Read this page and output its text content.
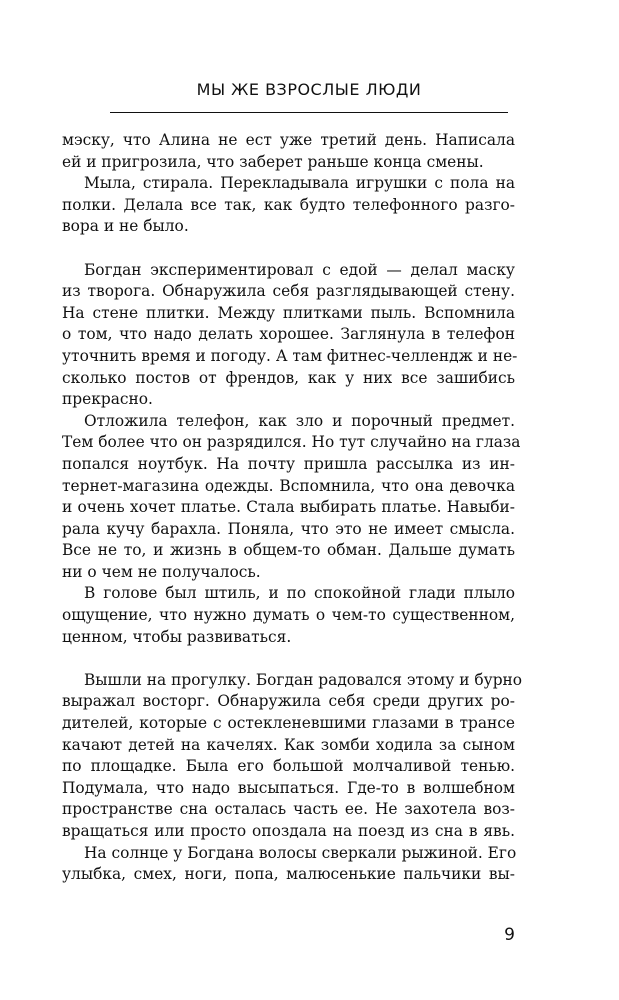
МЫ ЖЕ ВЗРОСЛЫЕ ЛЮДИ
мэску, что Алина не ест уже третий день. Написала
ей и пригрозила, что заберет раньше конца смены.
Мыла, стирала. Перекладывала игрушки с пола на
полки. Делала все так, как будто телефонного разго-
вора и не было.
Богдан экспериментировал с едой — делал маску
из творога. Обнаружила себя разглядывающей стену.
На стене плитки. Между плитками пыль. Вспомнила
о том, что надо делать хорошее. Заглянула в телефон
уточнить время и погоду. А там фитнес-челлендж и не-
сколько постов от френдов, как у них все зашибись
прекрасно.
Отложила телефон, как зло и порочный предмет.
Тем более что он разрядился. Но тут случайно на глаза
попался ноутбук. На почту пришла рассылка из ин-
тернет-магазина одежды. Вспомнила, что она девочка
и очень хочет платье. Стала выбирать платье. Навыби-
рала кучу барахла. Поняла, что это не имеет смысла.
Все не то, и жизнь в общем-то обман. Дальше думать
ни о чем не получалось.
В голове был штиль, и по спокойной глади плыло
ощущение, что нужно думать о чем-то существенном,
ценном, чтобы развиваться.
Вышли на прогулку. Богдан радовался этому и бурно
выражал восторг. Обнаружила себя среди других ро-
дителей, которые с остекленевшими глазами в трансе
качают детей на качелях. Как зомби ходила за сыном
по площадке. Была его большой молчаливой тенью.
Подумала, что надо высыпаться. Где-то в волшебном
пространстве сна осталась часть ее. Не захотела воз-
вращаться или просто опоздала на поезд из сна в явь.
На солнце у Богдана волосы сверкали рыжиной. Его
улыбка, смех, ноги, попа, малюсенькие пальчики вы-
9
